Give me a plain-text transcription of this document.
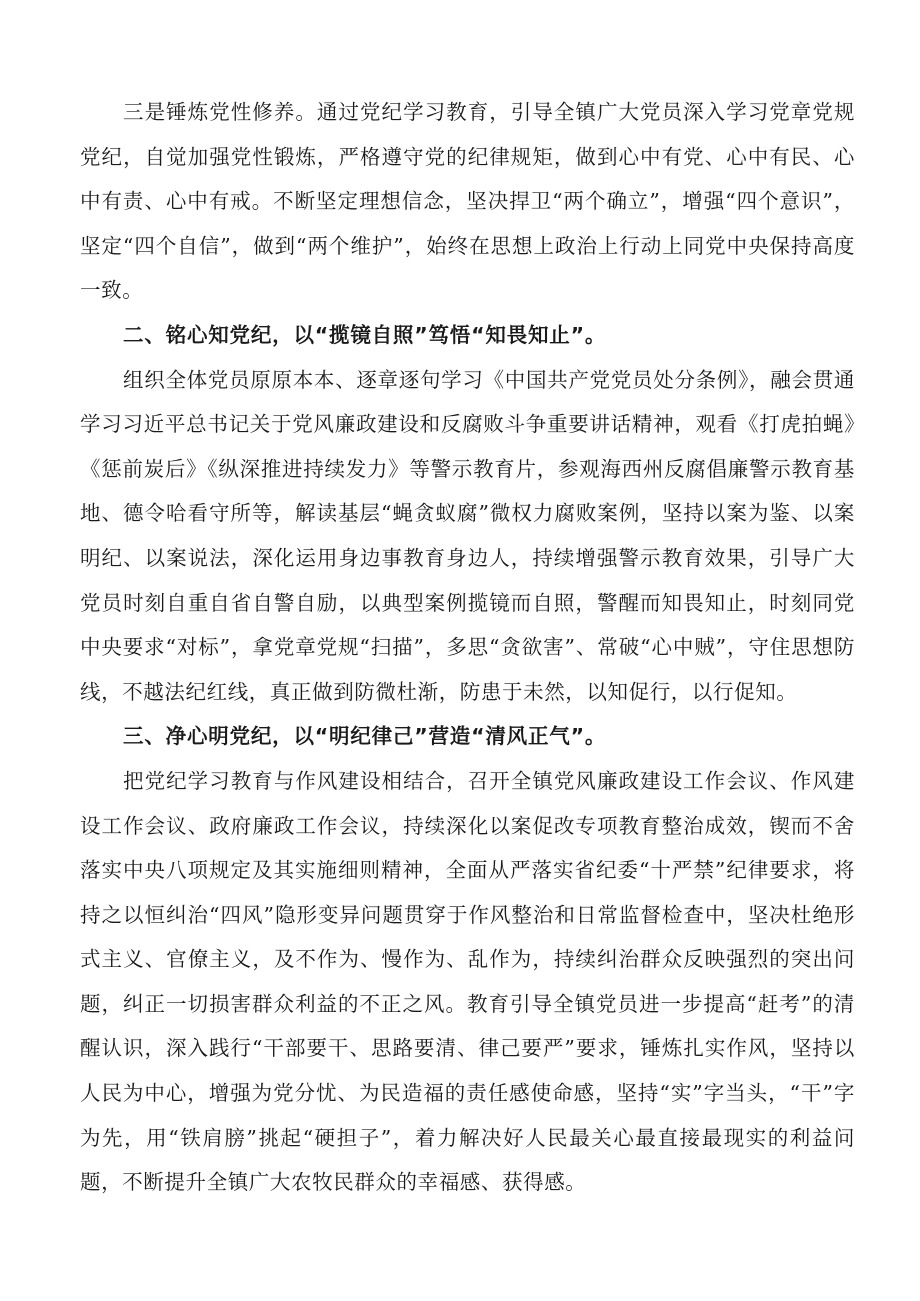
三是锤炼党性修养。通过党纪学习教育，引导全镇广大党员深入学习党章党规党纪，自觉加强党性锻炼，严格遵守党的纪律规矩，做到心中有党、心中有民、心中有责、心中有戒。不断坚定理想信念，坚决捍卫“两个确立”，增强“四个意识”，坚定“四个自信”，做到“两个维护”，始终在思想上政治上行动上同党中央保持高度一致。

二、铭心知党纪，以“揽镜自照”笃悟“知畏知止”。

组织全体党员原原本本、逐章逐句学习《中国共产党党员处分条例》，融会贯通学习习近平总书记关于党风廉政建设和反腐败斗争重要讲话精神，观看《打虎拍蝇》《惩前炭后》《纵深推进持续发力》等警示教育片，参观海西州反腐倡廉警示教育基地、德令哈看守所等，解读基层“蝇贪蚁腐”微权力腐败案例，坚持以案为鉴、以案明纪、以案说法，深化运用身边事教育身边人，持续增强警示教育效果，引导广大党员时刻自重自省自警自励，以典型案例揽镜而自照，警醒而知畏知止，时刻同党中央要求“对标”，拿党章党规“扫描”，多思“贪欲害”、常破“心中贼”，守住思想防线，不越法纪红线，真正做到防微杜渐，防患于未然，以知促行，以行促知。

三、净心明党纪，以“明纪律己”营造“清风正气”。

把党纪学习教育与作风建设相结合，召开全镇党风廉政建设工作会议、作风建设工作会议、政府廉政工作会议，持续深化以案促改专项教育整治成效，锲而不舍落实中央八项规定及其实施细则精神，全面从严落实省纪委“十严禁”纪律要求，将持之以恒纠治“四风”隐形变异问题贯穿于作风整治和日常监督检查中，坚决杜绝形式主义、官僚主义，及不作为、慢作为、乱作为，持续纠治群众反映强烈的突出问题，纠正一切损害群众利益的不正之风。教育引导全镇党员进一步提高“赶考”的清醒认识，深入践行“干部要干、思路要清、律己要严”要求，锤炼扎实作风，坚持以人民为中心，增强为党分忧、为民造福的责任感使命感，坚持“实”字当头，“干”字为先，用“铁肩膀”挑起“硬担子”，着力解决好人民最关心最直接最现实的利益问题，不断提升全镇广大农牧民群众的幸福感、获得感。
